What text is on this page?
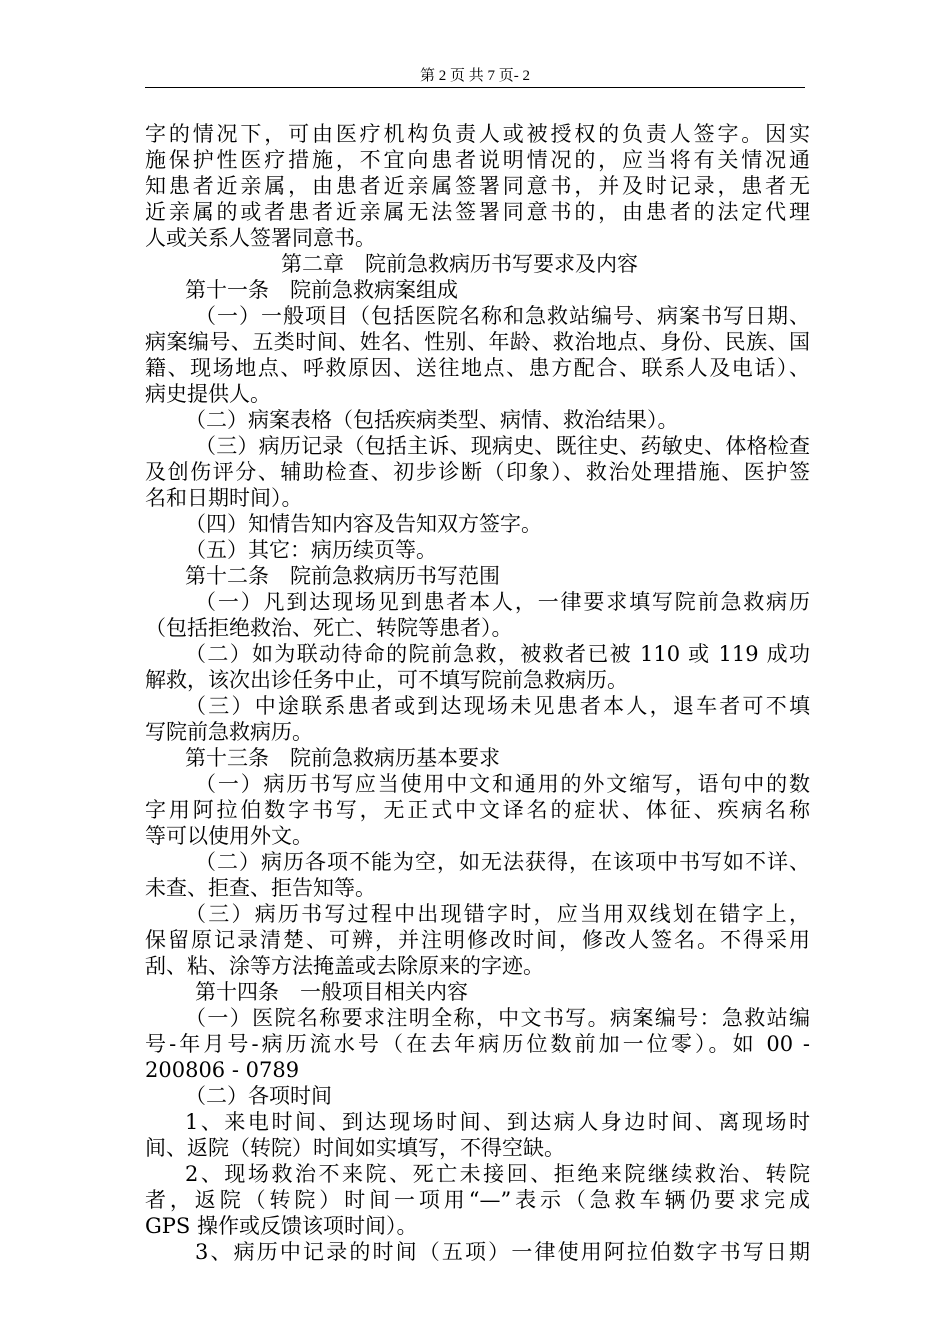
第 2 页 共 7 页- 2
字的情况下，可由医疗机构负责人或被授权的负责人签字。因实
施保护性医疗措施，不宜向患者说明情况的，应当将有关情况通
知患者近亲属，由患者近亲属签署同意书，并及时记录，患者无
近亲属的或者患者近亲属无法签署同意书的，由患者的法定代理
人或关系人签署同意书。
第二章　院前急救病历书写要求及内容
第十一条　院前急救病案组成
（一）一般项目（包括医院名称和急救站编号、病案书写日期、
病案编号、五类时间、姓名、性别、年龄、救治地点、身份、民族、国
籍、现场地点、呼救原因、送往地点、患方配合、联系人及电话）、
病史提供人。
（二）病案表格（包括疾病类型、病情、救治结果）。
（三）病历记录（包括主诉、现病史、既往史、药敏史、体格检查
及创伤评分、辅助检查、初步诊断（印象）、救治处理措施、医护签
名和日期时间）。
（四）知情告知内容及告知双方签字。
（五）其它：病历续页等。
第十二条　院前急救病历书写范围
（一）凡到达现场见到患者本人，一律要求填写院前急救病历
（包括拒绝救治、死亡、转院等患者）。
（二）如为联动待命的院前急救，被救者已被 110 或 119 成功
解救，该次出诊任务中止，可不填写院前急救病历。
（三）中途联系患者或到达现场未见患者本人，退车者可不填
写院前急救病历。
第十三条　院前急救病历基本要求
（一）病历书写应当使用中文和通用的外文缩写，语句中的数
字用阿拉伯数字书写，无正式中文译名的症状、体征、疾病名称
等可以使用外文。
（二）病历各项不能为空，如无法获得，在该项中书写如不详、
未查、拒查、拒告知等。
（三）病历书写过程中出现错字时，应当用双线划在错字上，
保留原记录清楚、可辨，并注明修改时间，修改人签名。不得采用
刮、粘、涂等方法掩盖或去除原来的字迹。
第十四条　一般项目相关内容
（一）医院名称要求注明全称，中文书写。病案编号：急救站编
号-年月号-病历流水号（在去年病历位数前加一位零）。如 00 -
200806 - 0789
（二）各项时间
1、来电时间、到达现场时间、到达病人身边时间、离现场时
间、返院（转院）时间如实填写，不得空缺。
2、现场救治不来院、死亡未接回、拒绝来院继续救治、转院
者，返院（转院）时间一项用“—”表示（急救车辆仍要求完成
GPS 操作或反馈该项时间）。
3、病历中记录的时间（五项）一律使用阿拉伯数字书写日期
